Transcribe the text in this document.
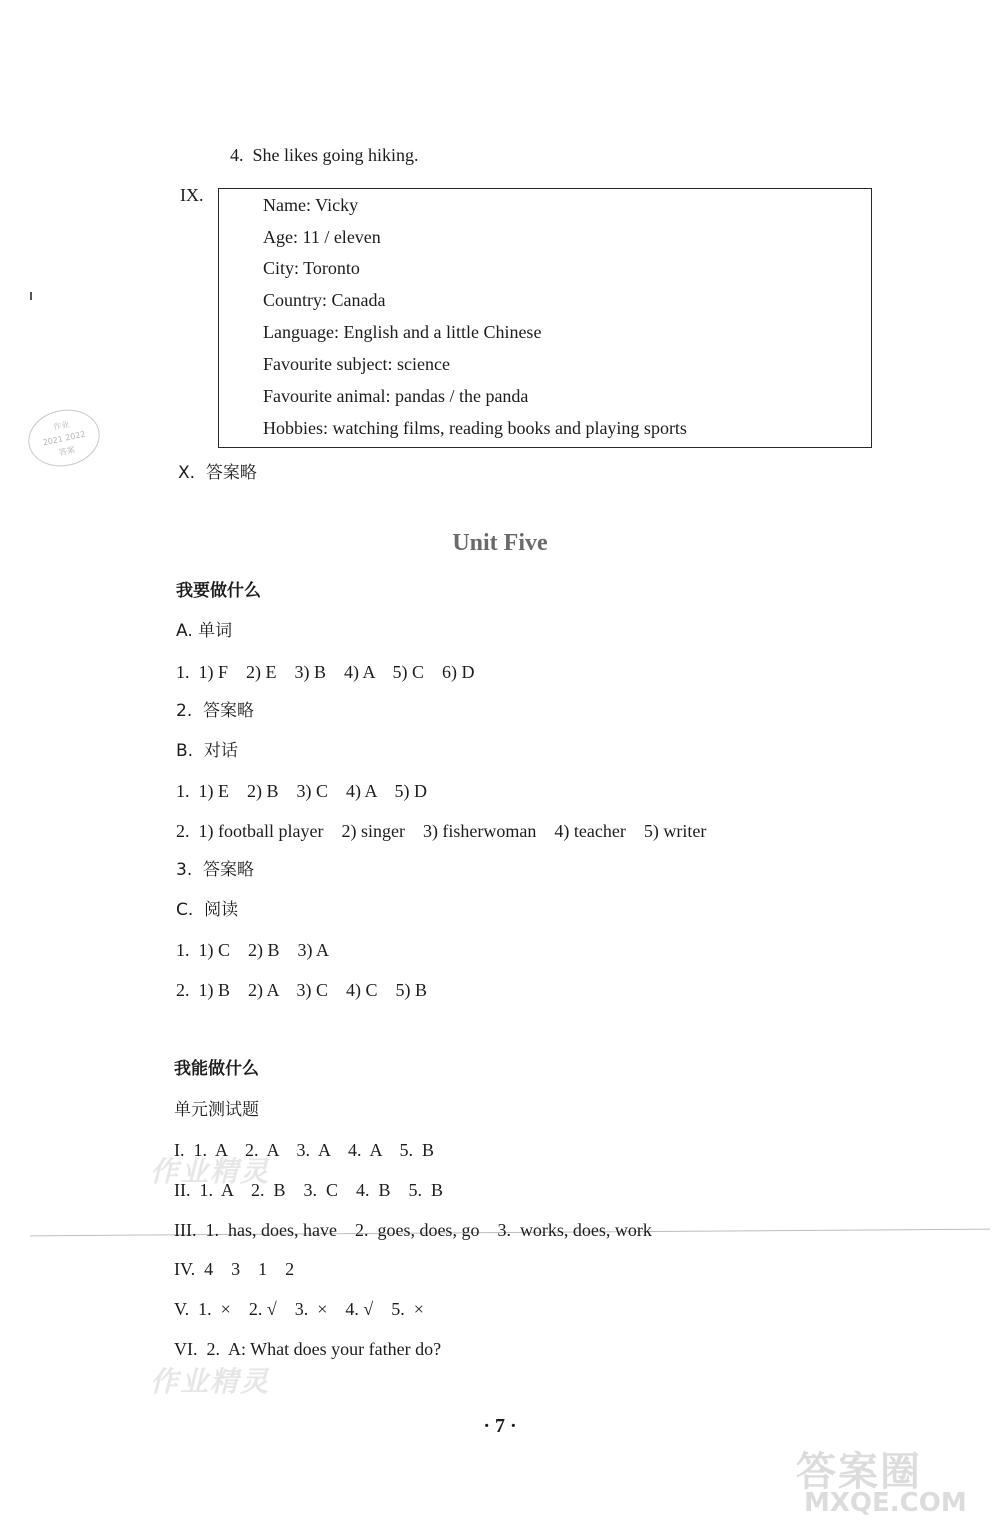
4.  She likes going hiking.
IX.	Name: Vicky
Age: 11 / eleven
City: Toronto
Country: Canada
Language: English and a little Chinese
Favourite subject: science
Favourite animal: pandas / the panda
Hobbies: watching films, reading books and playing sports
作业
2021 2022
答案
X.  答案略
Unit Five
我要做什么
A. 单词
1.  1) F    2) E    3) B    4) A    5) C    6) D
2.  答案略
B.  对话
1.  1) E    2) B    3) C    4) A    5) D
2.  1) football player    2) singer    3) fisherwoman    4) teacher    5) writer
3.  答案略
C.  阅读
1.  1) C    2) B    3) A
2.  1) B    2) A    3) C    4) C    5) B
我能做什么
单元测试题
I.  1.  A    2.  A    3.  A    4.  A    5.  B
II.  1.  A    2.  B    3.  C    4.  B    5.  B
III.  1.  has, does, have    2.  goes, does, go    3.  works, does, work
IV.  4    3    1    2
V.  1.  ×    2. √    3.  ×    4. √    5.  ×
VI.  2.  A: What does your father do?
作业精灵
作业精灵
· 7 ·
答案圈
MXQE.COM
